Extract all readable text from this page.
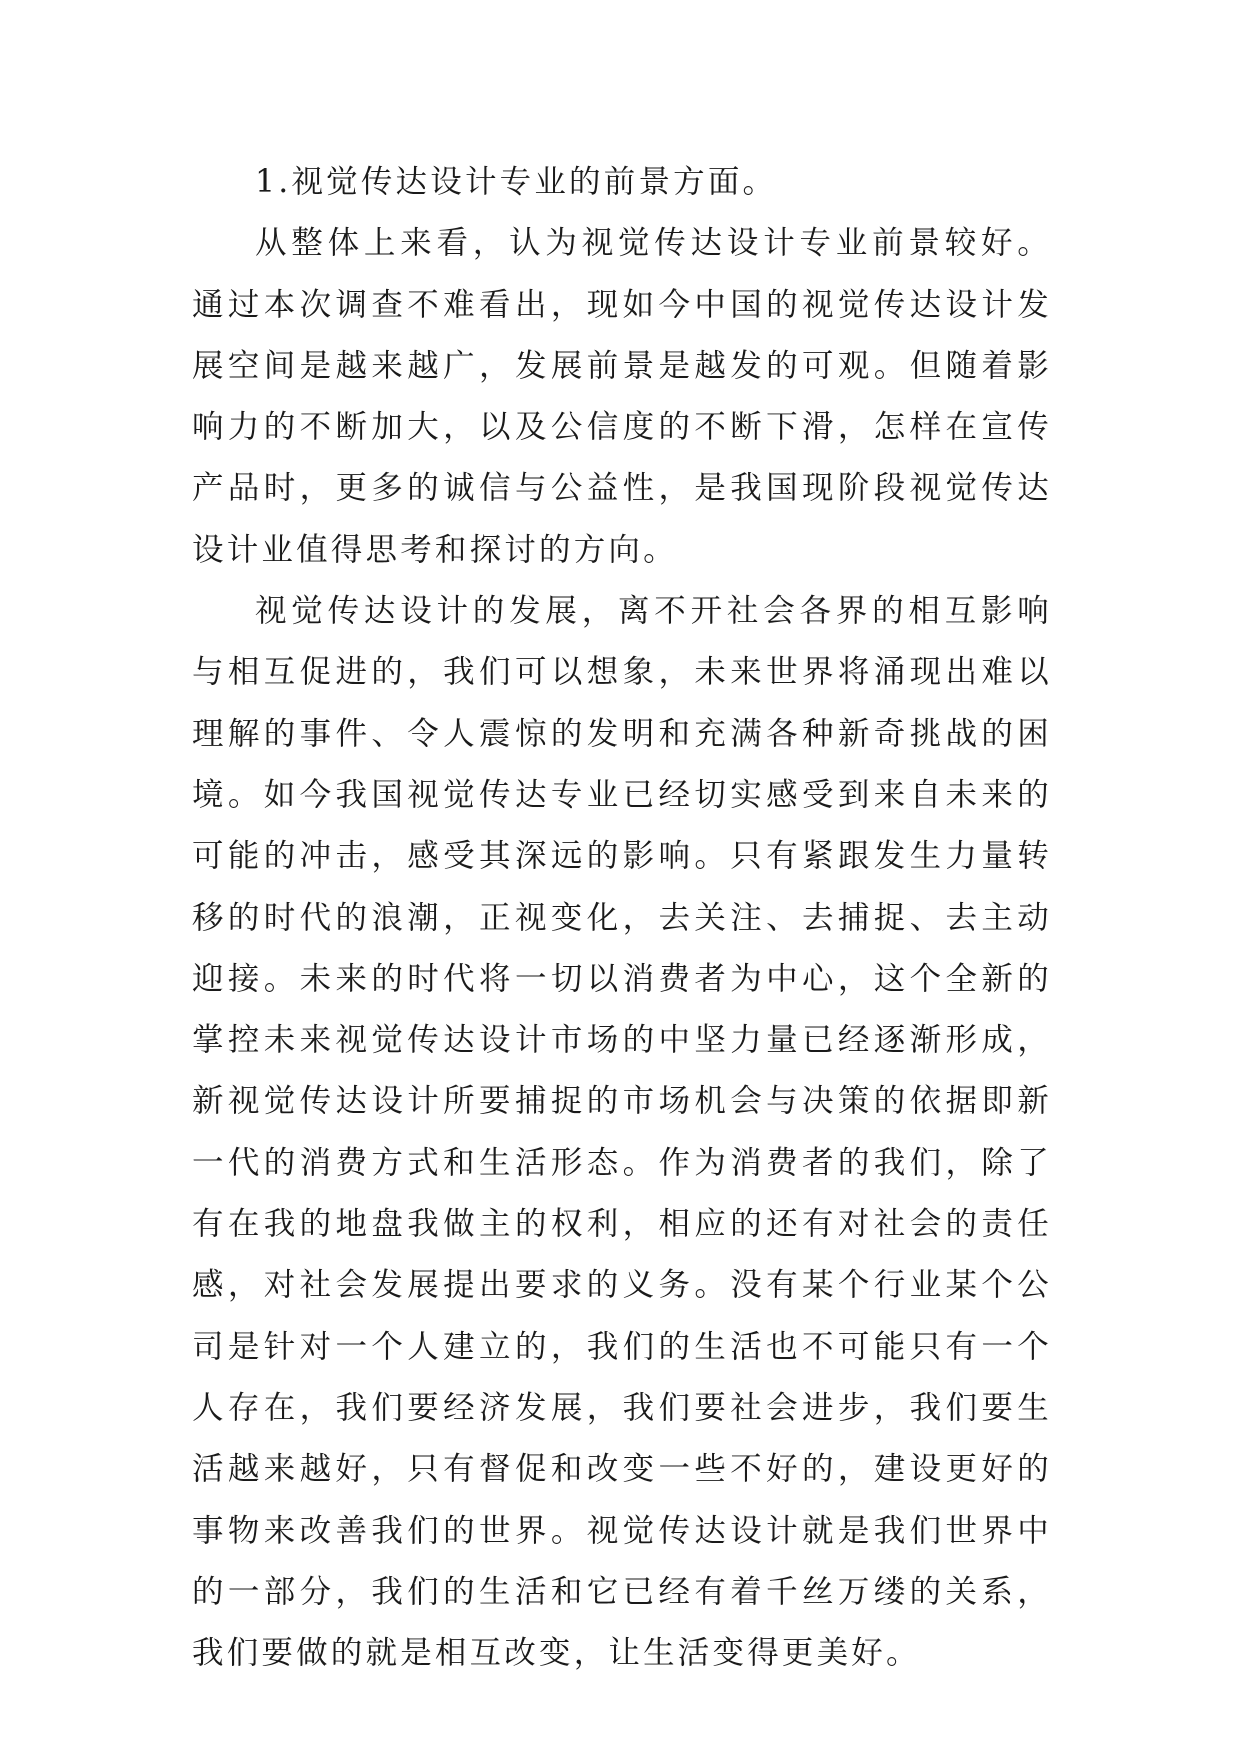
1.视觉传达设计专业的前景方面。

从整体上来看，认为视觉传达设计专业前景较好。通过本次调查不难看出，现如今中国的视觉传达设计发展空间是越来越广，发展前景是越发的可观。但随着影响力的不断加大，以及公信度的不断下滑，怎样在宣传产品时，更多的诚信与公益性，是我国现阶段视觉传达设计业值得思考和探讨的方向。

视觉传达设计的发展，离不开社会各界的相互影响与相互促进的，我们可以想象，未来世界将涌现出难以理解的事件、令人震惊的发明和充满各种新奇挑战的困境。如今我国视觉传达专业已经切实感受到来自未来的可能的冲击，感受其深远的影响。只有紧跟发生力量转移的时代的浪潮，正视变化，去关注、去捕捉、去主动迎接。未来的时代将一切以消费者为中心，这个全新的掌控未来视觉传达设计市场的中坚力量已经逐渐形成，新视觉传达设计所要捕捉的市场机会与决策的依据即新一代的消费方式和生活形态。作为消费者的我们，除了有在我的地盘我做主的权利，相应的还有对社会的责任感，对社会发展提出要求的义务。没有某个行业某个公司是针对一个人建立的，我们的生活也不可能只有一个人存在，我们要经济发展，我们要社会进步，我们要生活越来越好，只有督促和改变一些不好的，建设更好的事物来改善我们的世界。视觉传达设计就是我们世界中的一部分，我们的生活和它已经有着千丝万缕的关系，我们要做的就是相互改变，让生活变得更美好。
